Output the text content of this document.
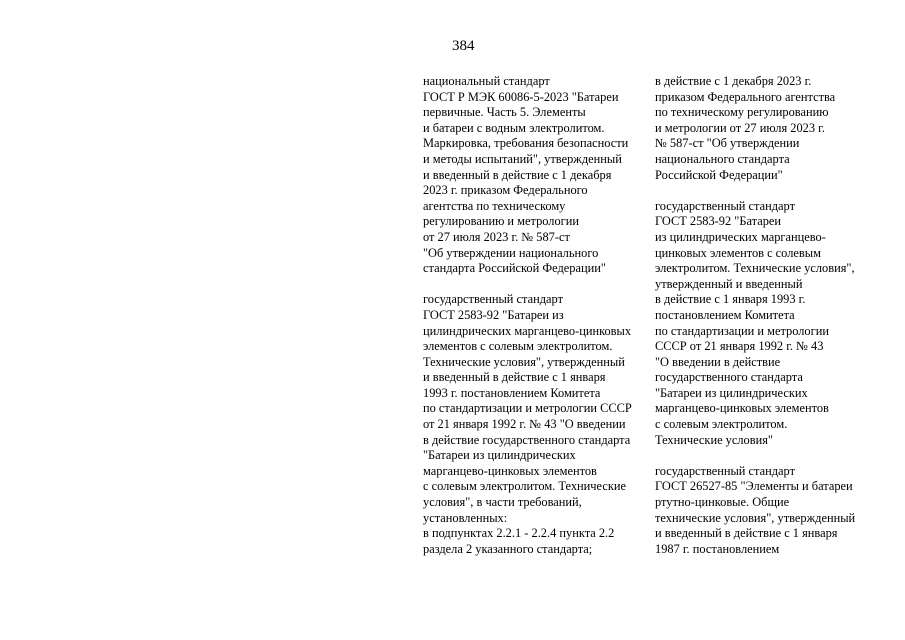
384
национальный стандарт
ГОСТ Р МЭК 60086-5-2023 "Батареи
первичные. Часть 5. Элементы
и батареи с водным электролитом.
Маркировка, требования безопасности
и методы испытаний", утвержденный
и введенный в действие с 1 декабря
2023 г. приказом Федерального
агентства по техническому
регулированию и метрологии
от 27 июля 2023 г. № 587-ст
"Об утверждении национального
стандарта Российской Федерации"
государственный стандарт
ГОСТ 2583-92 "Батареи из
цилиндрических марганцево-цинковых
элементов с солевым электролитом.
Технические условия", утвержденный
и введенный в действие с 1 января
1993 г. постановлением Комитета
по стандартизации и метрологии СССР
от 21 января 1992 г. № 43 "О введении
в действие государственного стандарта
"Батареи из цилиндрических
марганцево-цинковых элементов
с солевым электролитом. Технические
условия", в части требований,
установленных:
в подпунктах 2.2.1 - 2.2.4 пункта 2.2
раздела 2 указанного стандарта;
в действие с 1 декабря 2023 г.
приказом Федерального агентства
по техническому регулированию
и метрологии от 27 июля 2023 г.
№ 587-ст "Об утверждении
национального стандарта
Российской Федерации"
государственный стандарт
ГОСТ 2583-92 "Батареи
из цилиндрических марганцево-
цинковых элементов с солевым
электролитом. Технические условия",
утвержденный и введенный
в действие с 1 января 1993 г.
постановлением Комитета
по стандартизации и метрологии
СССР от 21 января 1992 г. № 43
"О введении в действие
государственного стандарта
"Батареи из цилиндрических
марганцево-цинковых элементов
с солевым электролитом.
Технические условия"
государственный стандарт
ГОСТ 26527-85 "Элементы и батареи
ртутно-цинковые. Общие
технические условия", утвержденный
и введенный в действие с 1 января
1987 г. постановлением
